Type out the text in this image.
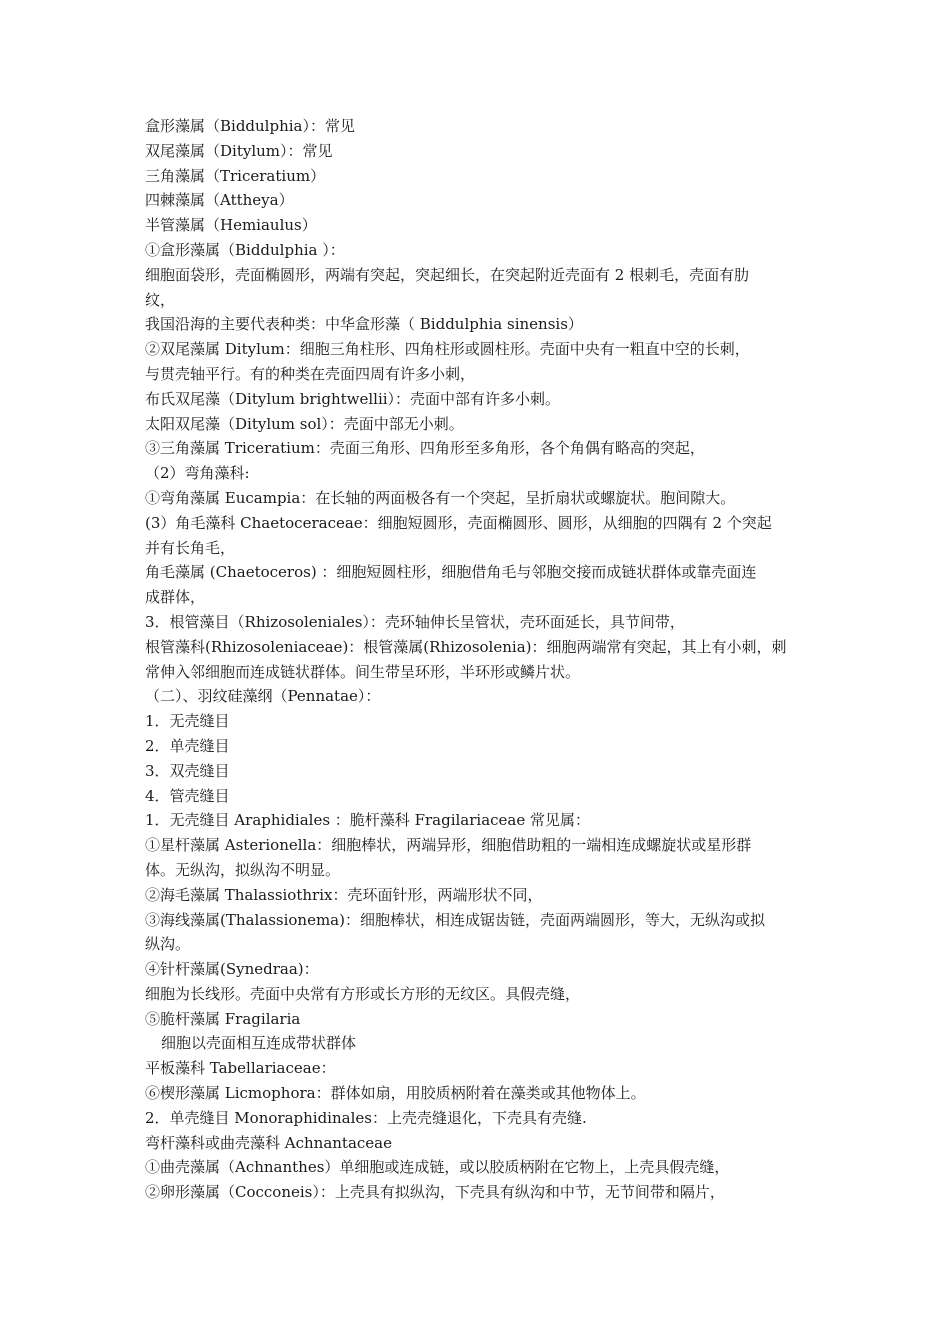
盒形藻属（Biddulphia）：常见
双尾藻属（Ditylum）：常见
三角藻属（Triceratium）
四棘藻属（Attheya）
半管藻属（Hemiaulus）
①盒形藻属（Biddulphia ）：
细胞面袋形，壳面椭圆形，两端有突起，突起细长，在突起附近壳面有 2 根刺毛，壳面有肋
纹，
我国沿海的主要代表种类：中华盒形藻（ Biddulphia sinensis）
②双尾藻属 Ditylum：细胞三角柱形、四角柱形或圆柱形。壳面中央有一粗直中空的长刺，
与贯壳轴平行。有的种类在壳面四周有许多小刺，
布氏双尾藻（Ditylum brightwellii）：壳面中部有许多小刺。
太阳双尾藻（Ditylum sol）：壳面中部无小刺。
③三角藻属 Triceratium：壳面三角形、四角形至多角形，各个角偶有略高的突起，
（2）弯角藻科:
①弯角藻属 Eucampia：在长轴的两面极各有一个突起，呈折扇状或螺旋状。胞间隙大。
(3）角毛藻科 Chaetoceraceae：细胞短圆形，壳面椭圆形、圆形，从细胞的四隅有 2 个突起
并有长角毛，
角毛藻属 (Chaetoceros) ：细胞短圆柱形，细胞借角毛与邻胞交接而成链状群体或靠壳面连
成群体，
3．根管藻目（Rhizosoleniales）：壳环轴伸长呈管状，壳环面延长，具节间带，
根管藻科(Rhizosoleniaceae)：根管藻属(Rhizosolenia)：细胞两端常有突起，其上有小刺，刺
常伸入邻细胞而连成链状群体。间生带呈环形，半环形或鳞片状。
（二）、羽纹硅藻纲（Pennatae）：
1．无壳缝目
2．单壳缝目
3．双壳缝目
4．管壳缝目
1．无壳缝目 Araphidiales ：脆杆藻科 Fragilariaceae 常见属：
①星杆藻属 Asterionella：细胞棒状，两端异形，细胞借助粗的一端相连成螺旋状或星形群
体。无纵沟，拟纵沟不明显。
②海毛藻属 Thalassiothrix：壳环面针形，两端形状不同，
③海线藻属(Thalassionema)：细胞棒状，相连成锯齿链，壳面两端圆形，等大，无纵沟或拟
纵沟。
④针杆藻属(Synedraa)：
细胞为长线形。壳面中央常有方形或长方形的无纹区。具假壳缝，
⑤脆杆藻属 Fragilaria
细胞以壳面相互连成带状群体
平板藻科 Tabellariaceae：
⑥楔形藻属 Licmophora：群体如扇，用胶质柄附着在藻类或其他物体上。
2．单壳缝目 Monoraphidinales：上壳壳缝退化，下壳具有壳缝.
弯杆藻科或曲壳藻科 Achnantaceae
①曲壳藻属（Achnanthes）单细胞或连成链，或以胶质柄附在它物上，上壳具假壳缝，
②卵形藻属（Cocconeis）：上壳具有拟纵沟，下壳具有纵沟和中节，无节间带和隔片，
